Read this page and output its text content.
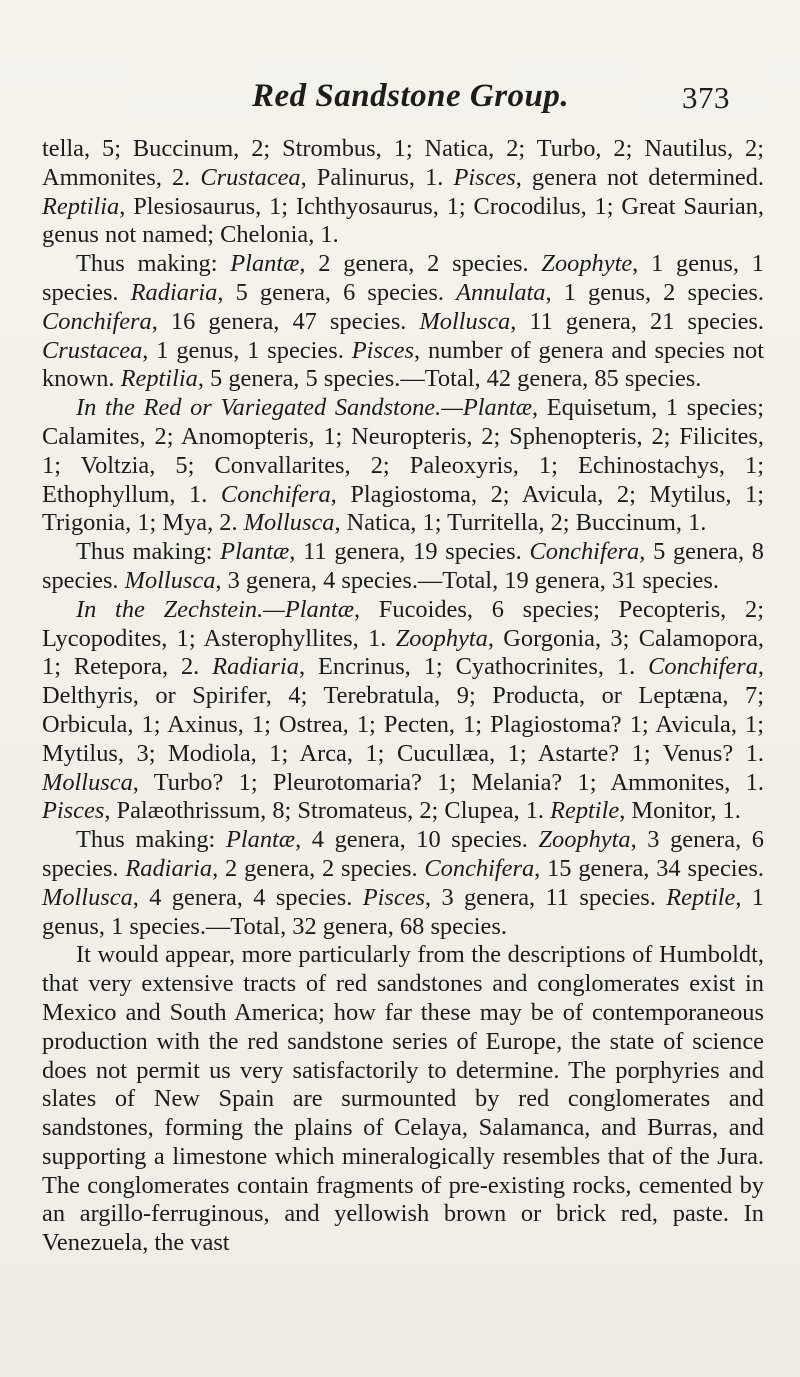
Red Sandstone Group.	373

tella, 5; Buccinum, 2; Strombus, 1; Natica, 2; Turbo, 2; Nautilus, 2; Ammonites, 2. Crustacea, Palinurus, 1. Pisces, genera not determined. Reptilia, Plesiosaurus, 1; Ichthyosaurus, 1; Crocodilus, 1; Great Saurian, genus not named; Chelonia, 1.

Thus making: Plantæ, 2 genera, 2 species. Zoophyte, 1 genus, 1 species. Radiaria, 5 genera, 6 species. Annulata, 1 genus, 2 species. Conchifera, 16 genera, 47 species. Mollusca, 11 genera, 21 species. Crustacea, 1 genus, 1 species. Pisces, number of genera and species not known. Reptilia, 5 genera, 5 species.—Total, 42 genera, 85 species.

In the Red or Variegated Sandstone.—Plantæ, Equisetum, 1 species; Calamites, 2; Anomopteris, 1; Neuropteris, 2; Sphenopteris, 2; Filicites, 1; Voltzia, 5; Convallarites, 2; Paleoxyris, 1; Echinostachys, 1; Ethophyllum, 1. Conchifera, Plagiostoma, 2; Avicula, 2; Mytilus, 1; Trigonia, 1; Mya, 2. Mollusca, Natica, 1; Turritella, 2; Buccinum, 1.

Thus making: Plantæ, 11 genera, 19 species. Conchifera, 5 genera, 8 species. Mollusca, 3 genera, 4 species.—Total, 19 genera, 31 species.

In the Zechstein.—Plantæ, Fucoides, 6 species; Pecopteris, 2; Lycopodites, 1; Asterophyllites, 1. Zoophyta, Gorgonia, 3; Calamopora, 1; Retepora, 2. Radiaria, Encrinus, 1; Cyathocrinites, 1. Conchifera, Delthyris, or Spirifer, 4; Terebratula, 9; Producta, or Leptæna, 7; Orbicula, 1; Axinus, 1; Ostrea, 1; Pecten, 1; Plagiostoma? 1; Avicula, 1; Mytilus, 3; Modiola, 1; Arca, 1; Cucullæa, 1; Astarte? 1; Venus? 1. Mollusca, Turbo? 1; Pleurotomaria? 1; Melania? 1; Ammonites, 1. Pisces, Palæothrissum, 8; Stromateus, 2; Clupea, 1. Reptile, Monitor, 1.

Thus making: Plantæ, 4 genera, 10 species. Zoophyta, 3 genera, 6 species. Radiaria, 2 genera, 2 species. Conchifera, 15 genera, 34 species. Mollusca, 4 genera, 4 species. Pisces, 3 genera, 11 species. Reptile, 1 genus, 1 species.—Total, 32 genera, 68 species.

It would appear, more particularly from the descriptions of Humboldt, that very extensive tracts of red sandstones and conglomerates exist in Mexico and South America; how far these may be of contemporaneous production with the red sandstone series of Europe, the state of science does not permit us very satisfactorily to determine. The porphyries and slates of New Spain are surmounted by red conglomerates and sandstones, forming the plains of Celaya, Salamanca, and Burras, and supporting a limestone which mineralogically resembles that of the Jura. The conglomerates contain fragments of pre-existing rocks, cemented by an argillo-ferruginous, and yellowish brown or brick red, paste. In Venezuela, the vast
